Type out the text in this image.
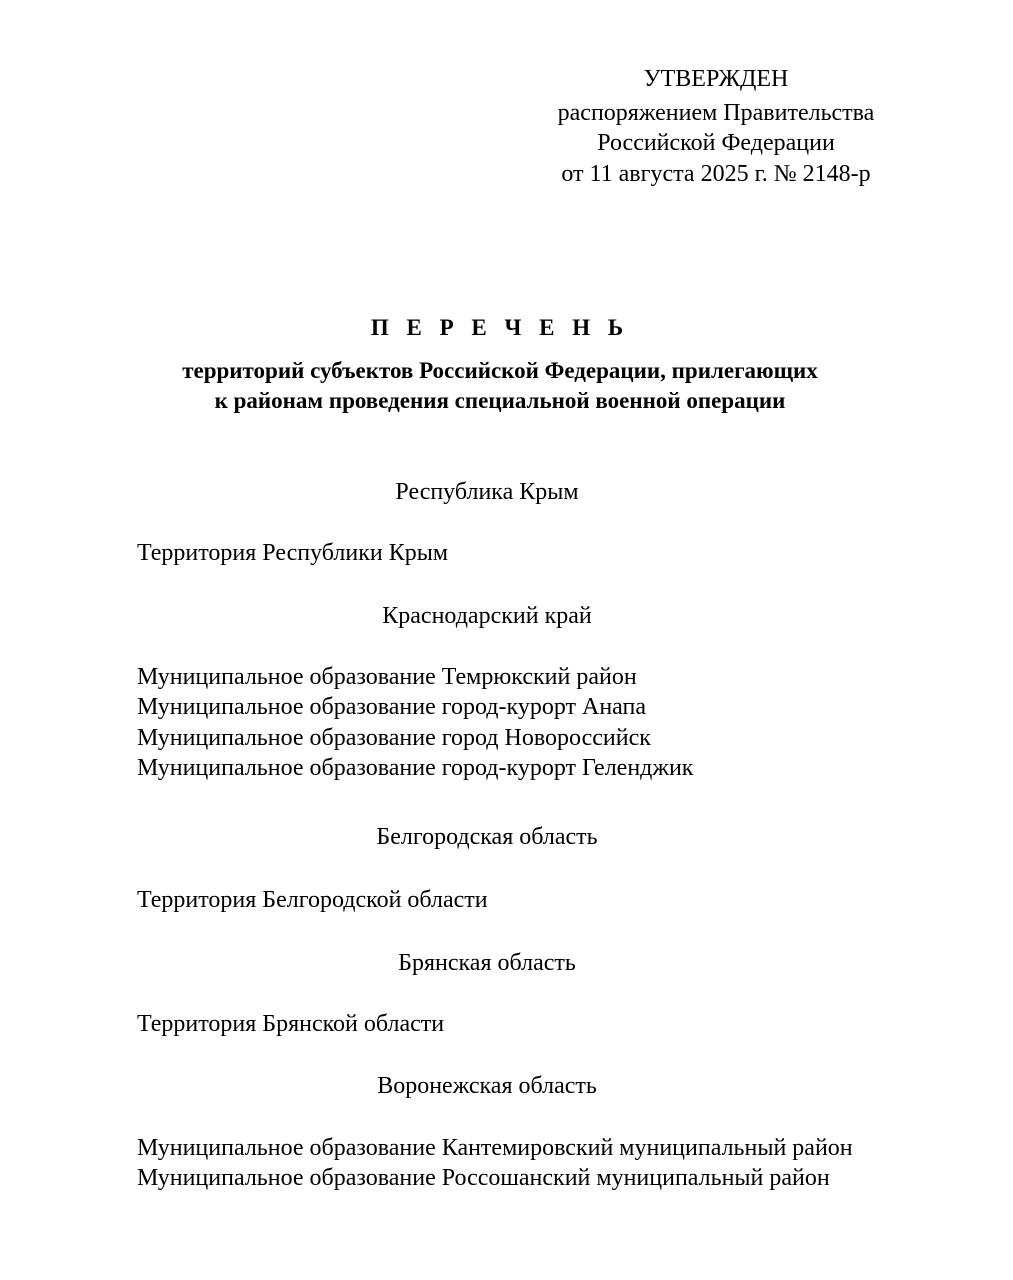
УТВЕРЖДЕН
распоряжением Правительства
Российской Федерации
от 11 августа 2025 г. № 2148-р
П Е Р Е Ч Е Н Ь
территорий субъектов Российской Федерации, прилегающих
к районам проведения специальной военной операции
Республика Крым
Территория Республики Крым
Краснодарский край
Муниципальное образование Темрюкский район
Муниципальное образование город-курорт Анапа
Муниципальное образование город Новороссийск
Муниципальное образование город-курорт Геленджик
Белгородская область
Территория Белгородской области
Брянская область
Территория Брянской области
Воронежская область
Муниципальное образование Кантемировский муниципальный район
Муниципальное образование Россошанский муниципальный район
